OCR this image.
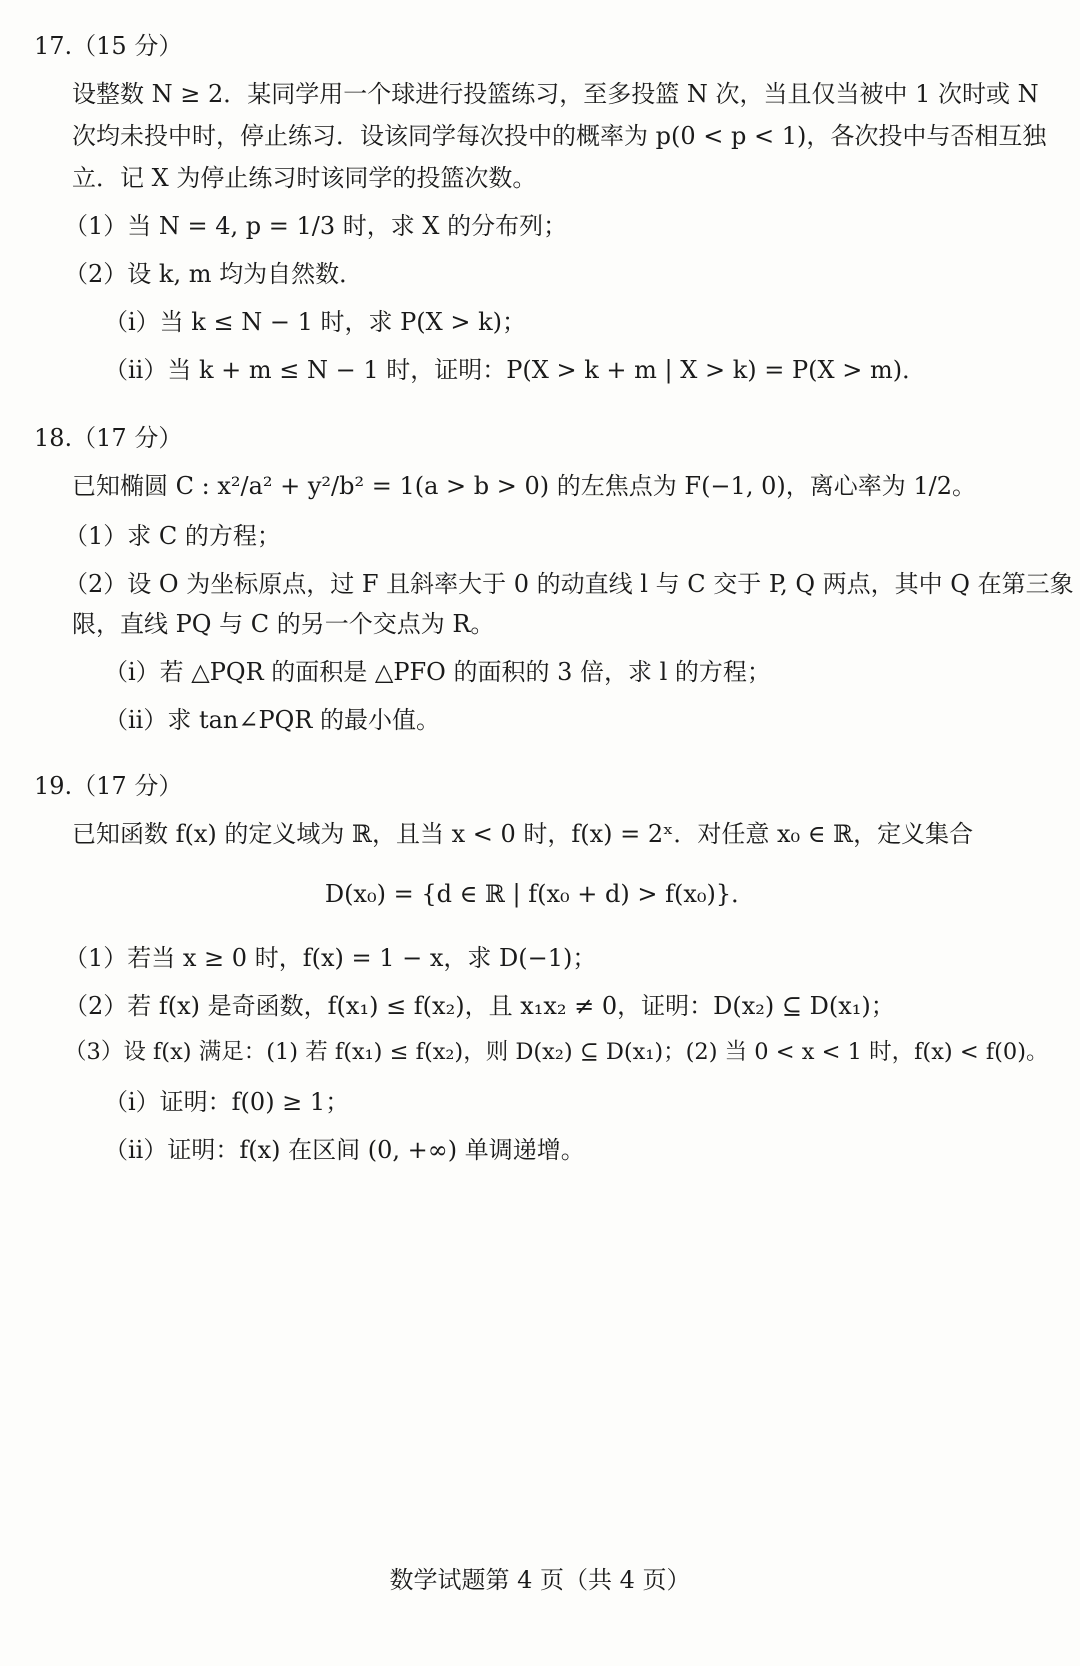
17.（15 分）
设整数 N ≥ 2．某同学用一个球进行投篮练习，至多投篮 N 次，当且仅当被中 1 次时或 N
次均未投中时，停止练习．设该同学每次投中的概率为 p(0 < p < 1)，各次投中与否相互独
立．记 X 为停止练习时该同学的投篮次数。
（1）当 N = 4, p = 1/3 时，求 X 的分布列；
（2）设 k, m 均为自然数．
（i）当 k ≤ N − 1 时，求 P(X > k)；
（ii）当 k + m ≤ N − 1 时，证明：P(X > k + m | X > k) = P(X > m)．
18.（17 分）
已知椭圆 C : x²/a² + y²/b² = 1(a > b > 0) 的左焦点为 F(−1, 0)，离心率为 1/2。
（1）求 C 的方程；
（2）设 O 为坐标原点，过 F 且斜率大于 0 的动直线 l 与 C 交于 P, Q 两点，其中 Q 在第三象
限，直线 PQ 与 C 的另一个交点为 R。
（i）若 △PQR 的面积是 △PFO 的面积的 3 倍，求 l 的方程；
（ii）求 tan∠PQR 的最小值。
19.（17 分）
已知函数 f(x) 的定义域为 ℝ，且当 x < 0 时，f(x) = 2ˣ．对任意 x₀ ∈ ℝ，定义集合
D(x₀) = {d ∈ ℝ | f(x₀ + d) > f(x₀)}．
（1）若当 x ≥ 0 时，f(x) = 1 − x，求 D(−1)；
（2）若 f(x) 是奇函数，f(x₁) ≤ f(x₂)，且 x₁x₂ ≠ 0，证明：D(x₂) ⊆ D(x₁)；
（3）设 f(x) 满足：(1) 若 f(x₁) ≤ f(x₂)，则 D(x₂) ⊆ D(x₁)；(2) 当 0 < x < 1 时，f(x) < f(0)。
（i）证明：f(0) ≥ 1；
（ii）证明：f(x) 在区间 (0, +∞) 单调递增。
数学试题第 4 页（共 4 页）
